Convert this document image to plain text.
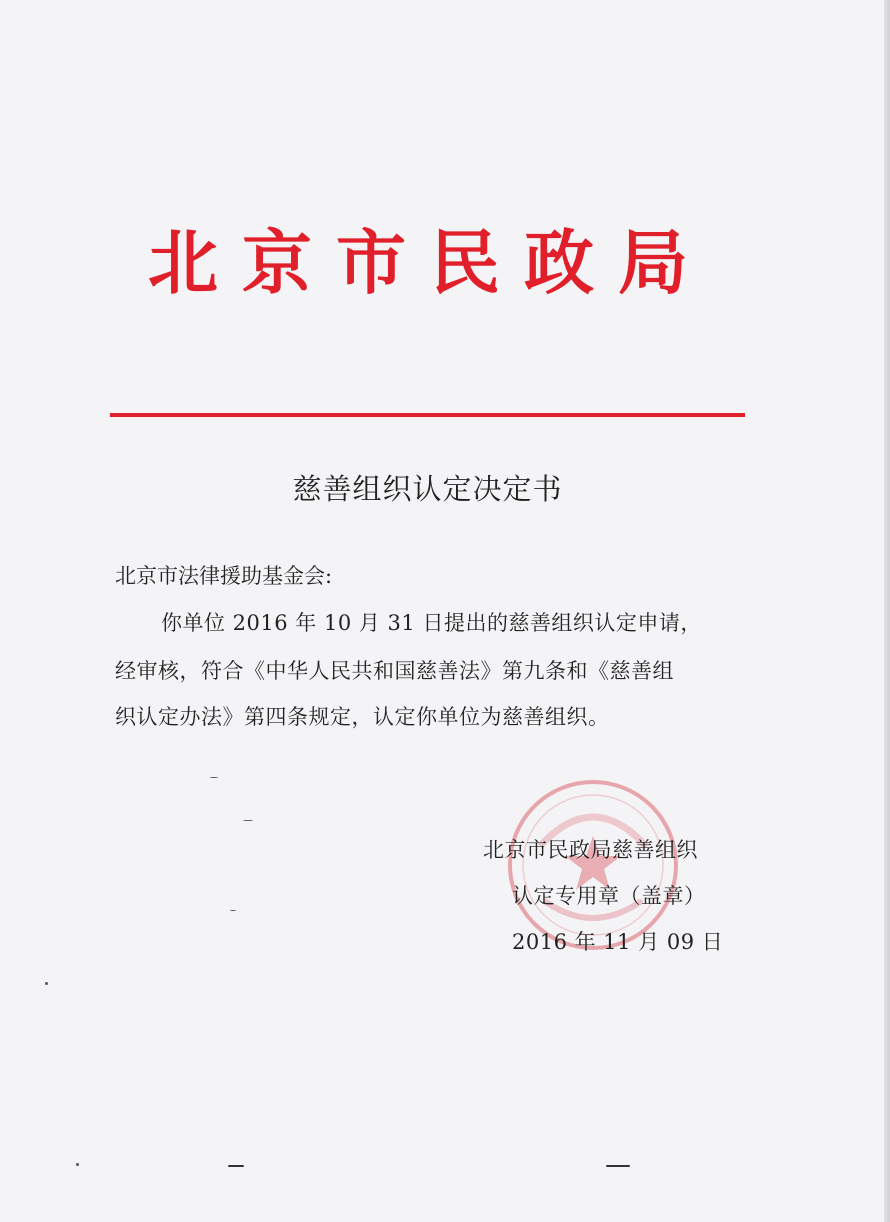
北京市民政局
慈善组织认定决定书
北京市法律援助基金会:
你单位 2016 年 10 月 31 日提出的慈善组织认定申请，
经审核，符合《中华人民共和国慈善法》第九条和《慈善组
织认定办法》第四条规定，认定你单位为慈善组织。
北京市民政局慈善组织
认定专用章（盖章）
2016 年 11 月 09 日
